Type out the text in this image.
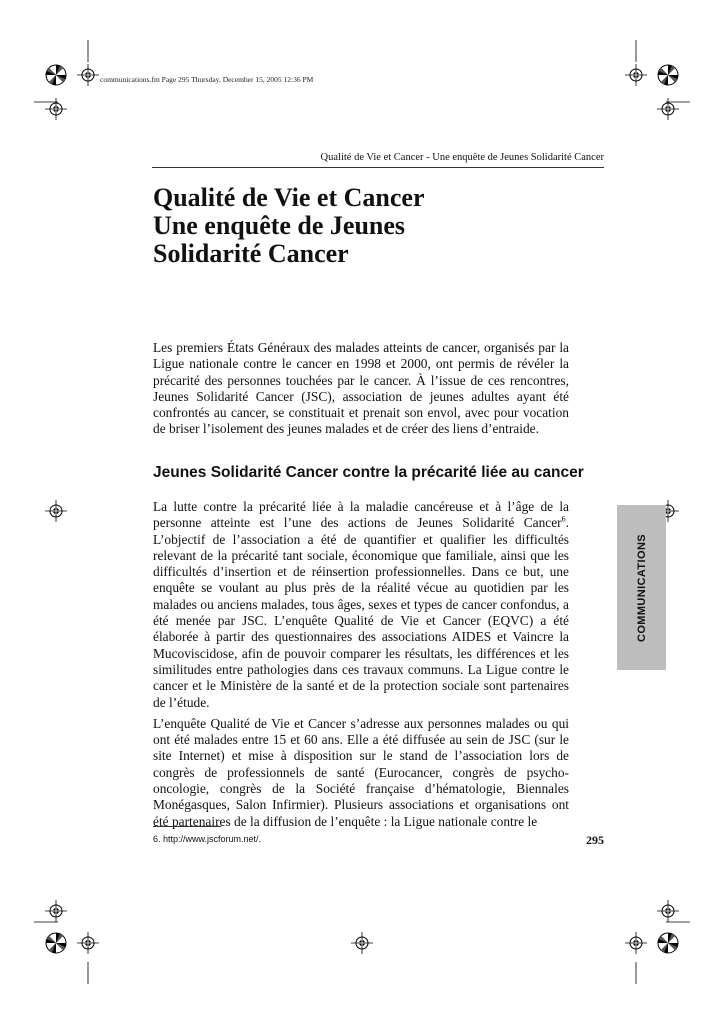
communications.fm Page 295 Thursday, December 15, 2005 12:36 PM
Qualité de Vie et Cancer - Une enquête de Jeunes Solidarité Cancer
Qualité de Vie et Cancer
Une enquête de Jeunes
Solidarité Cancer

Les premiers États Généraux des malades atteints de cancer, organisés par la Ligue nationale contre le cancer en 1998 et 2000, ont permis de révéler la précarité des personnes touchées par le cancer. À l’issue de ces rencontres, Jeunes Solidarité Cancer (JSC), association de jeunes adultes ayant été confrontés au cancer, se constituait et prenait son envol, avec pour vocation de briser l’isolement des jeunes malades et de créer des liens d’entraide.

Jeunes Solidarité Cancer contre la précarité liée au cancer

La lutte contre la précarité liée à la maladie cancéreuse et à l’âge de la personne atteinte est l’une des actions de Jeunes Solidarité Cancer$^6$. L’objectif de l’association a été de quantifier et qualifier les difficultés relevant de la précarité tant sociale, économique que familiale, ainsi que les difficultés d’insertion et de réinsertion professionnelles. Dans ce but, une enquête se voulant au plus près de la réalité vécue au quotidien par les malades ou anciens malades, tous âges, sexes et types de cancer confondus, a été menée par JSC. L’enquête Qualité de Vie et Cancer (EQVC) a été élaborée à partir des questionnaires des associations AIDES et Vaincre la Mucoviscidose, afin de pouvoir comparer les résultats, les différences et les similitudes entre pathologies dans ces travaux communs. La Ligue contre le cancer et le Ministère de la santé et de la protection sociale sont partenaires de l’étude.

L’enquête Qualité de Vie et Cancer s’adresse aux personnes malades ou qui ont été malades entre 15 et 60 ans. Elle a été diffusée au sein de JSC (sur le site Internet) et mise à disposition sur le stand de l’association lors de congrès de professionnels de santé (Eurocancer, congrès de psycho-oncologie, congrès de la Société française d’hématologie, Biennales Monégasques, Salon Infirmier). Plusieurs associations et organisations ont été partenaires de la diffusion de l’enquête : la Ligue nationale contre le

COMMUNICATIONS
6. http://www.jscforum.net/.	295
